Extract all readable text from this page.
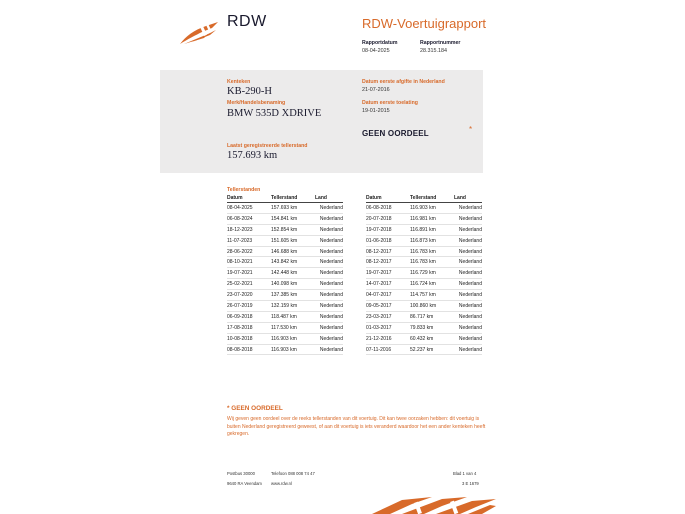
RDW	RDW-Voertuigrapport
Rapportdatum
08-04-2025
Rapportnummer
28.315.184
Kenteken
KB-290-H
Merk/Handelsbenaming
BMW 535D XDRIVE
Laatst geregistreerde tellerstand
157.693 km
Datum eerste afgifte in Nederland
21-07-2016
Datum eerste toelating
19-01-2015
GEEN OORDEEL	*
Tellerstanden
Datum	Tellerstand	Land
08-04-2025	157.693 km	Nederland
06-08-2024	154.841 km	Nederland
18-12-2023	152.854 km	Nederland
11-07-2023	151.605 km	Nederland
28-06-2022	146.688 km	Nederland
08-10-2021	143.842 km	Nederland
19-07-2021	142.448 km	Nederland
25-02-2021	140.098 km	Nederland
23-07-2020	137.385 km	Nederland
26-07-2019	132.159 km	Nederland
06-09-2018	118.487 km	Nederland
17-08-2018	117.530 km	Nederland
10-08-2018	116.903 km	Nederland
08-08-2018	116.903 km	Nederland
Datum	Tellerstand	Land
06-08-2018	116.903 km	Nederland
20-07-2018	116.981 km	Nederland
19-07-2018	116.891 km	Nederland
01-06-2018	116.873 km	Nederland
08-12-2017	116.783 km	Nederland
08-12-2017	116.783 km	Nederland
19-07-2017	116.729 km	Nederland
14-07-2017	116.724 km	Nederland
04-07-2017	114.757 km	Nederland
09-05-2017	100.860 km	Nederland
23-03-2017	86.717 km	Nederland
01-03-2017	79.833 km	Nederland
21-12-2016	60.432 km	Nederland
07-11-2016	52.237 km	Nederland
* GEEN OORDEEL
Wij geven geen oordeel over de reeks tellerstanden van dit voertuig. Dit kan twee oorzaken hebben: dit voertuig is buiten Nederland geregistreerd geweest, of aan dit voertuig is iets veranderd waardoor het een ander kenteken heeft gekregen.
Postbus 30000
9640 RA Veendam
Telefoon 088 008 74 47
www.rdw.nl
Blad 1 van 4
3 E 1679
